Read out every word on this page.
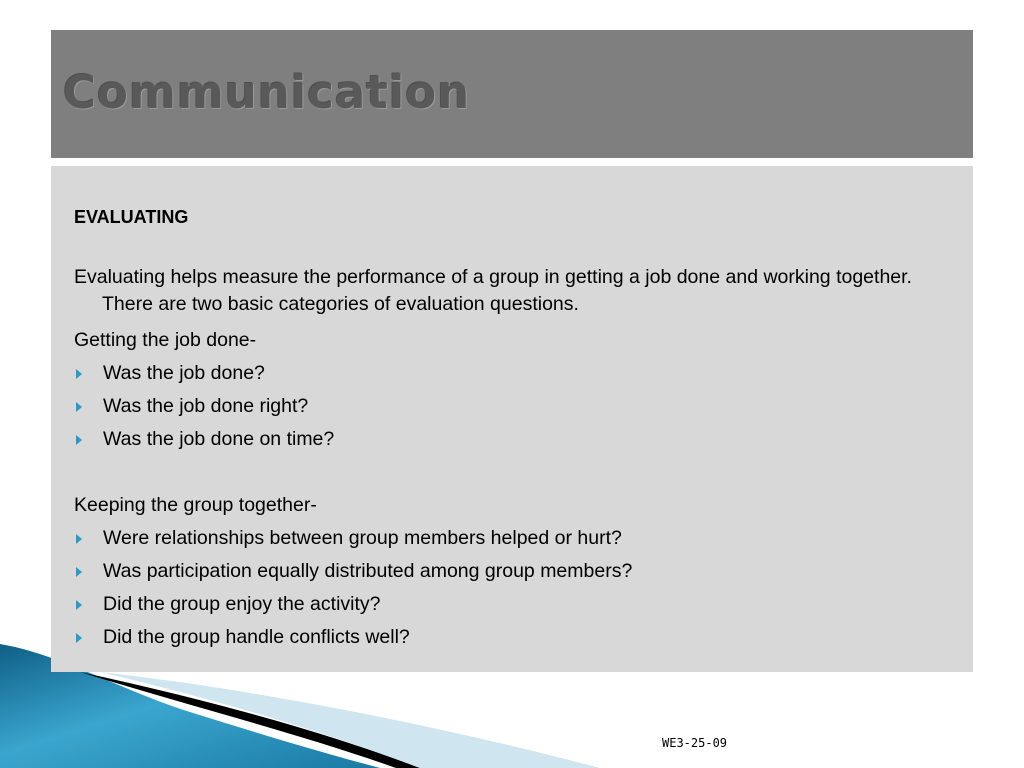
Communication

EVALUATING

Evaluating helps measure the performance of a group in getting a job done and working together. There are two basic categories of evaluation questions.

Getting the job done-

Was the job done?
Was the job done right?
Was the job done on time?

Keeping the group together-

Were relationships between group members helped or hurt?
Was participation equally distributed among group members?
Did the group enjoy the activity?
Did the group handle conflicts well?
WE3-25-09
